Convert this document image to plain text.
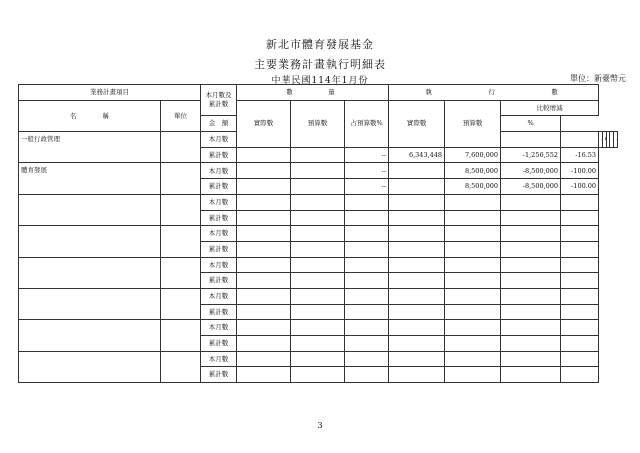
新北市體育發展基金
主要業務計畫執行明細表
中華民國114年1月份	單位：新臺幣元
業務計畫項目		本月數及累計數	數　　　量			執　　　　　行　　　　　數								
名　　　　稱	單位		實際數	預算數	占預算數%	實際數	預算數	比較增減						
		金　額						%						
一般行政管理		本月數							
		累計數			--	6,343,448	7,600,000	-1,256,552	-16.53					
體育發展		本月數			--		8,500,000	-8,500,000	-100.00					
		累計數			--		8,500,000	-8,500,000	-100.00					
		本月數												
		累計數												
		本月數												
		累計數												
		本月數												
		累計數												
		本月數												
		累計數												
		本月數												
		累計數												
		本月數												
		累計數												
3
